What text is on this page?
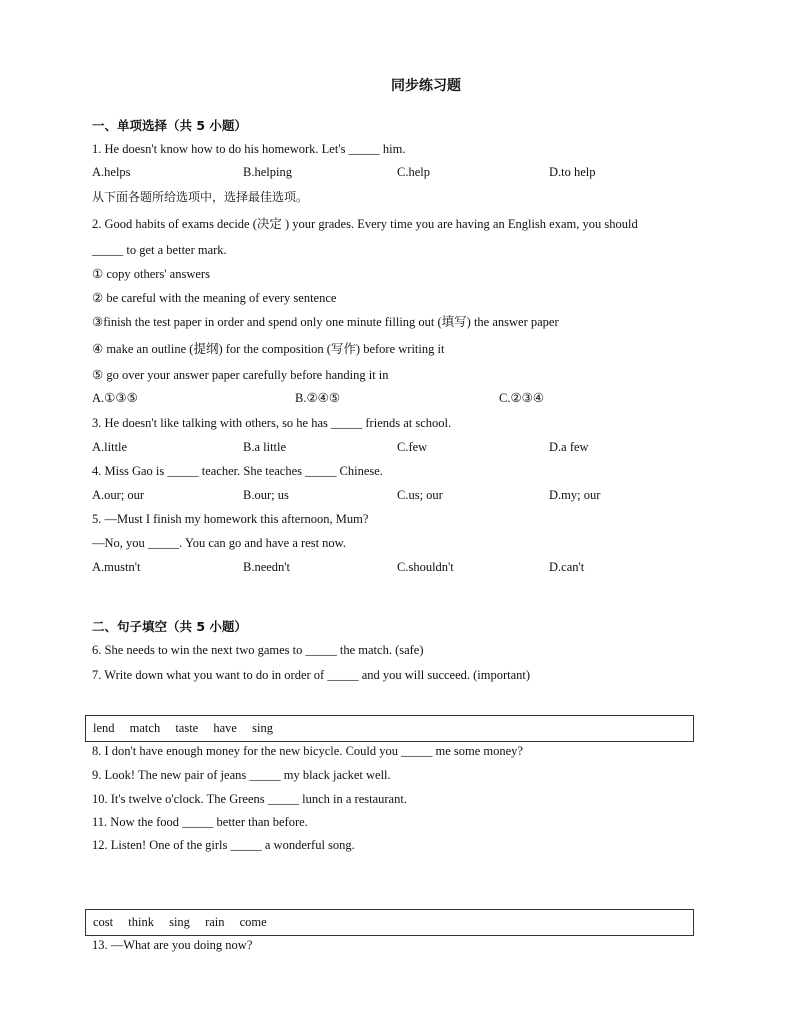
同步练习题
一、单项选择（共 5 小题）
1. He doesn't know how to do his homework. Let's _____ him.
A.helps	B.helping	C.help	D.to help
从下面各题所给选项中，选择最佳选项。
2. Good habits of exams decide (决定 ) your grades. Every time you are having an English exam, you should
_____ to get a better mark.
① copy others' answers
② be careful with the meaning of every sentence
③finish the test paper in order and spend only one minute filling out (填写) the answer paper
④ make an outline (提纲) for the composition (写作) before writing it
⑤ go over your answer paper carefully before handing it in
A.①③⑤	B.②④⑤	C.②③④
3. He doesn't like talking with others, so he has _____ friends at school.
A.little	B.a little	C.few	D.a few
4. Miss Gao is _____ teacher. She teaches _____ Chinese.
A.our; our	B.our; us	C.us; our	D.my; our
5. —Must I finish my homework this afternoon, Mum?
—No, you _____. You can go and have a rest now.
A.mustn't	B.needn't	C.shouldn't	D.can't
二、句子填空（共 5 小题）
6. She needs to win the next two games to _____ the match. (safe)
7. Write down what you want to do in order of _____ and you will succeed. (important)
lend match taste have sing
8. I don't have enough money for the new bicycle. Could you _____ me some money?
9. Look! The new pair of jeans _____ my black jacket well.
10. It's twelve o'clock. The Greens _____ lunch in a restaurant.
11. Now the food _____ better than before.
12. Listen! One of the girls _____ a wonderful song.
cost think sing rain come
13. —What are you doing now?
